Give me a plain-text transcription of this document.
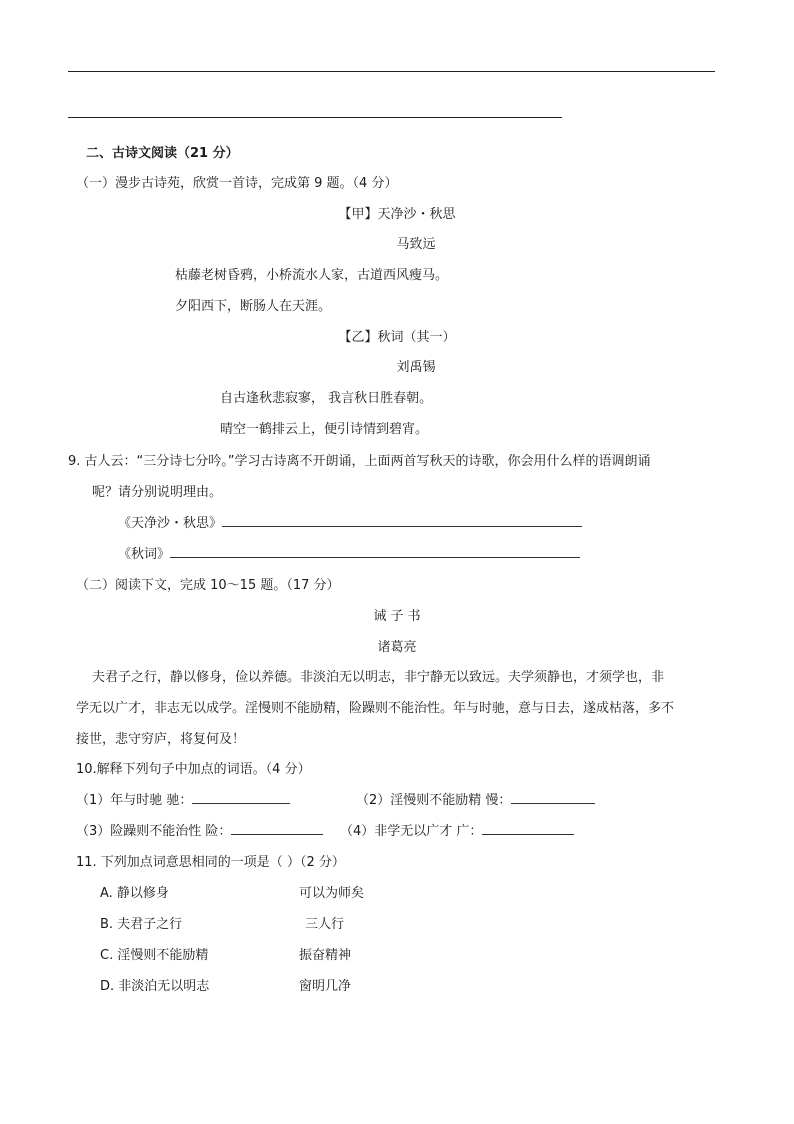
二、古诗文阅读（21 分）
（一）漫步古诗苑，欣赏一首诗，完成第 9 题。（4 分）
【甲】天净沙・秋思
马致远
枯藤老树昏鸦，小桥流水人家，古道西风瘦马。
夕阳西下，断肠人在天涯。
【乙】秋词（其一）
刘禹锡
自古逢秋悲寂寥， 我言秋日胜春朝。
晴空一鹤排云上，便引诗情到碧宵。
9. 古人云：“三分诗七分吟。”学习古诗离不开朗诵，上面两首写秋天的诗歌，你会用什么样的语调朗诵
呢？请分别说明理由。
《天净沙・秋思》
《秋词》
（二）阅读下文，完成 10～15 题。（17 分）
诫 子 书
诸葛亮
夫君子之行，静以修身，俭以养德。非淡泊无以明志，非宁静无以致远。夫学须静也，才须学也，非
学无以广才，非志无以成学。淫慢则不能励精，险躁则不能治性。年与时驰，意与日去，遂成枯落，多不
接世，悲守穷庐，将复何及！
10.解释下列句子中加点的词语。（4 分）
（1）年与时驰 驰：	（2）淫慢则不能励精 慢：
（3）险躁则不能治性 险：	（4）非学无以广才 广：
11. 下列加点词意思相同的一项是（ ）（2 分）
A. 静以修身	可以为师矣
B. 夫君子之行	三人行
C. 淫慢则不能励精	振奋精神
D. 非淡泊无以明志	窗明几净
